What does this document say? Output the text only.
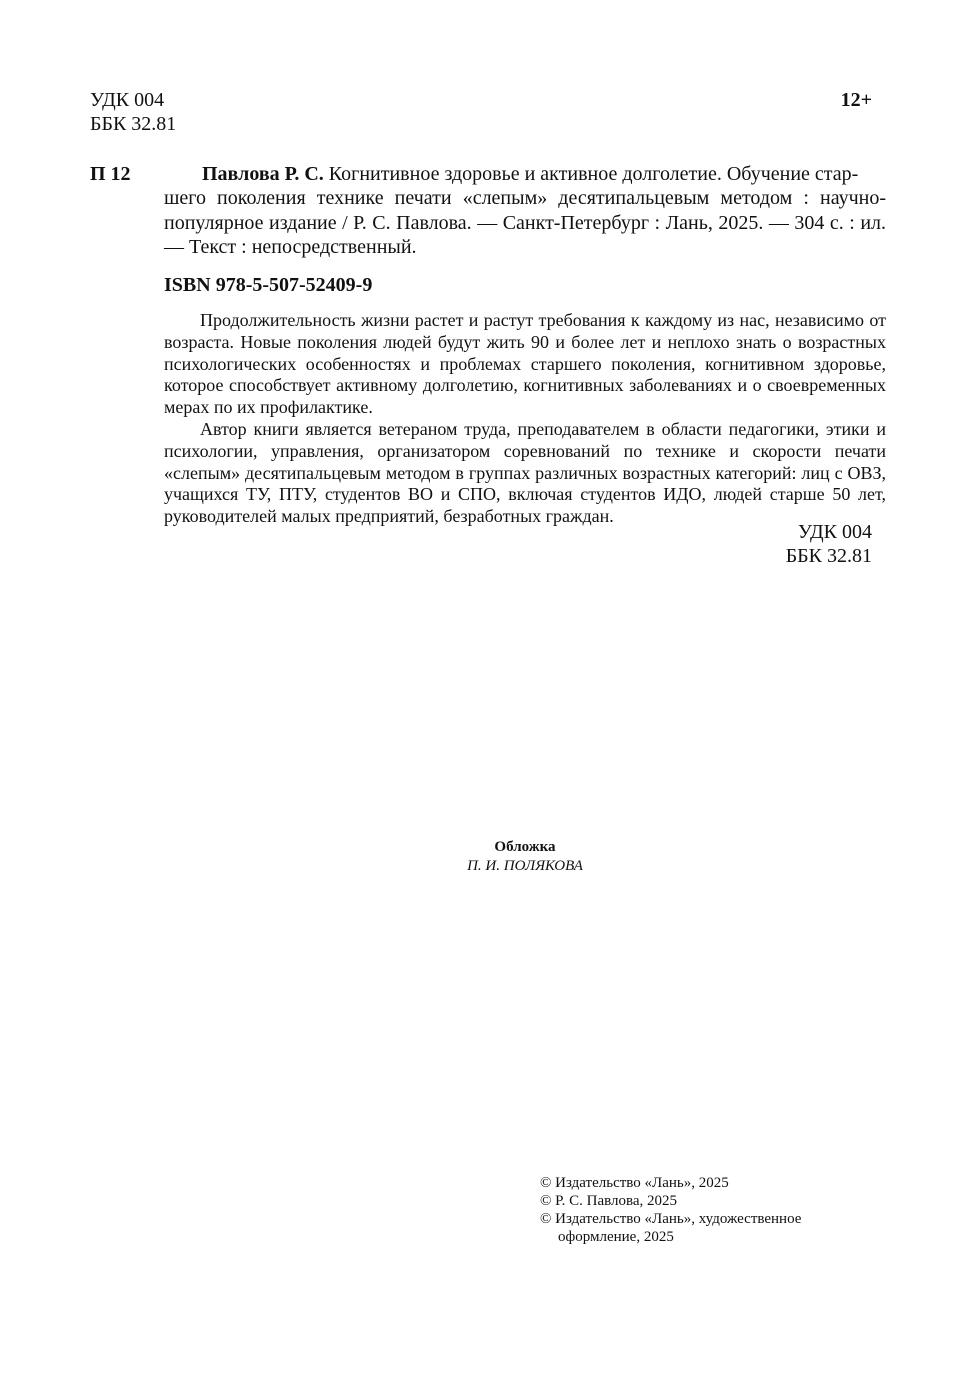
УДК 004
ББК 32.81
12+
П 12	Павлова Р. С. Когнитивное здоровье и активное долголетие. Обучение стар-
шего поколения технике печати «слепым» десятипальцевым методом : научно-популярное издание / Р. С. Павлова. — Санкт-Петербург : Лань, 2025. — 304 с. : ил. — Текст : непосредственный.
ISBN 978-5-507-52409-9

Продолжительность жизни растет и растут требования к каждому из нас, независимо от возраста. Новые поколения людей будут жить 90 и более лет и неплохо знать о возрастных психологических особенностях и проблемах старшего поколения, когнитивном здоровье, которое способствует активному долголетию, когнитивных заболеваниях и о своевременных мерах по их профилактике.

Автор книги является ветераном труда, преподавателем в области педагогики, этики и психологии, управления, организатором соревнований по технике и скорости печати «слепым» десятипальцевым методом в группах различных возрастных категорий: лиц с ОВЗ, учащихся ТУ, ПТУ, студентов ВО и СПО, включая студентов ИДО, людей старше 50 лет, руководителей малых предприятий, безработных граждан.

УДК 004
ББК 32.81
Обложка
П. И. ПОЛЯКОВА
© Издательство «Лань», 2025
© Р. С. Павлова, 2025
© Издательство «Лань», художественное
оформление, 2025
